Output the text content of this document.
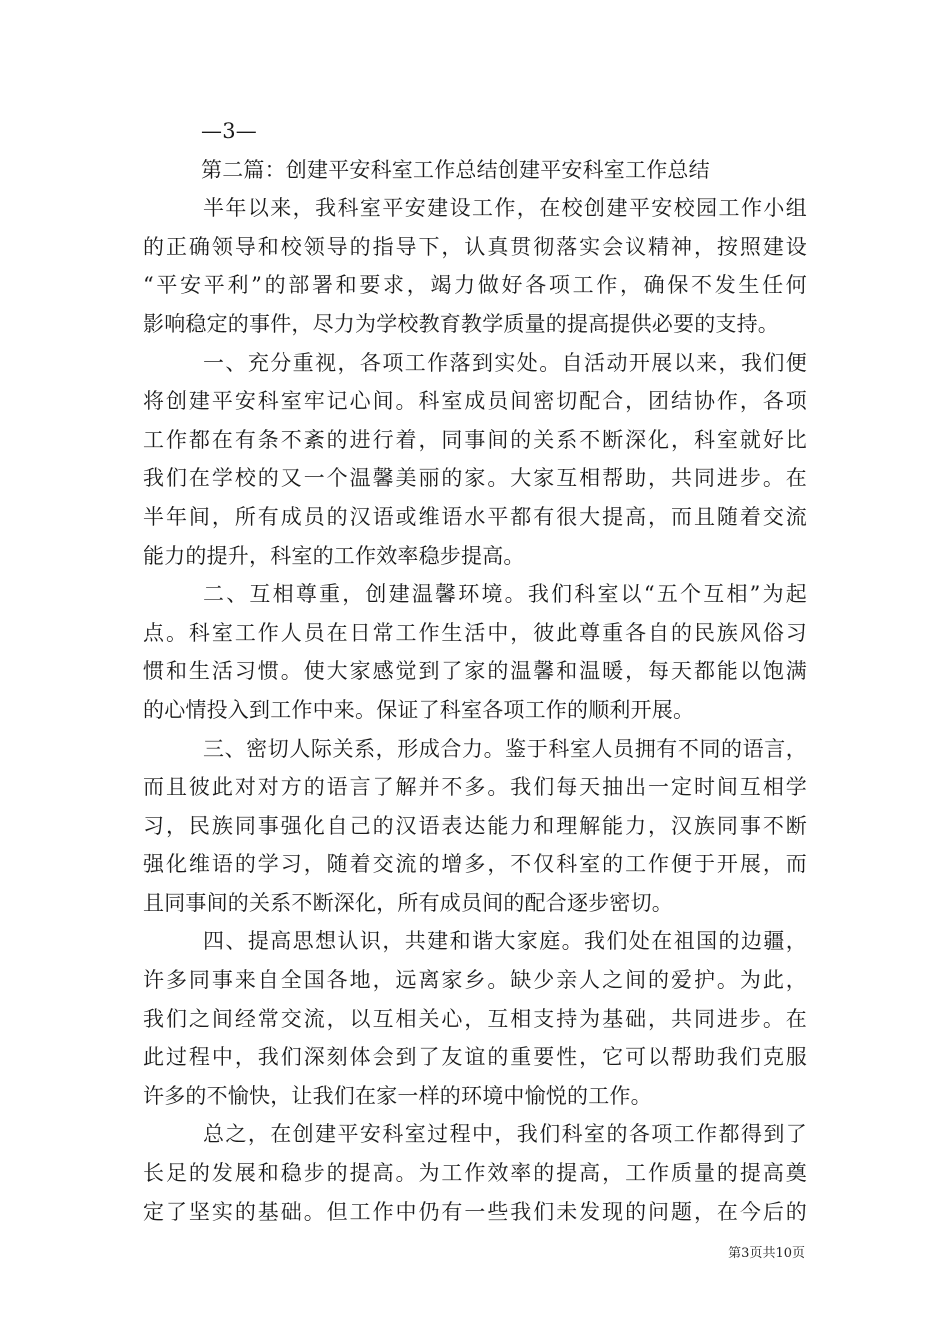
—3—
第二篇：创建平安科室工作总结创建平安科室工作总结
半年以来，我科室平安建设工作，在校创建平安校园工作小组
的正确领导和校领导的指导下，认真贯彻落实会议精神，按照建设
“平安平利”的部署和要求，竭力做好各项工作，确保不发生任何
影响稳定的事件，尽力为学校教育教学质量的提高提供必要的支持。
一、充分重视，各项工作落到实处。自活动开展以来，我们便
将创建平安科室牢记心间。科室成员间密切配合，团结协作，各项
工作都在有条不紊的进行着，同事间的关系不断深化，科室就好比
我们在学校的又一个温馨美丽的家。大家互相帮助，共同进步。在
半年间，所有成员的汉语或维语水平都有很大提高，而且随着交流
能力的提升，科室的工作效率稳步提高。
二、互相尊重，创建温馨环境。我们科室以“五个互相”为起
点。科室工作人员在日常工作生活中，彼此尊重各自的民族风俗习
惯和生活习惯。使大家感觉到了家的温馨和温暖，每天都能以饱满
的心情投入到工作中来。保证了科室各项工作的顺利开展。
三、密切人际关系，形成合力。鉴于科室人员拥有不同的语言，
而且彼此对对方的语言了解并不多。我们每天抽出一定时间互相学
习，民族同事强化自己的汉语表达能力和理解能力，汉族同事不断
强化维语的学习，随着交流的增多，不仅科室的工作便于开展，而
且同事间的关系不断深化，所有成员间的配合逐步密切。
四、提高思想认识，共建和谐大家庭。我们处在祖国的边疆，
许多同事来自全国各地，远离家乡。缺少亲人之间的爱护。为此，
我们之间经常交流，以互相关心，互相支持为基础，共同进步。在
此过程中，我们深刻体会到了友谊的重要性，它可以帮助我们克服
许多的不愉快，让我们在家一样的环境中愉悦的工作。
总之，在创建平安科室过程中，我们科室的各项工作都得到了
长足的发展和稳步的提高。为工作效率的提高，工作质量的提高奠
定了坚实的基础。但工作中仍有一些我们未发现的问题，在今后的
第3页共10页
